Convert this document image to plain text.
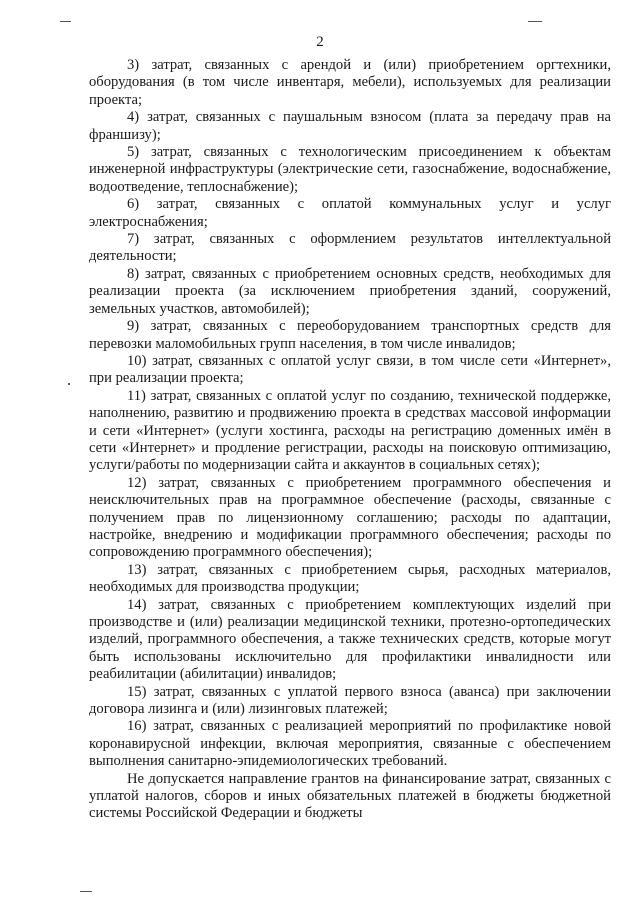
2

3) затрат, связанных с арендой и (или) приобретением оргтехники, оборудования (в том числе инвентаря, мебели), используемых для реализации проекта;

4) затрат, связанных с паушальным взносом (плата за передачу прав на франшизу);

5) затрат, связанных с технологическим присоединением к объектам инженерной инфраструктуры (электрические сети, газоснабжение, водоснабжение, водоотведение, теплоснабжение);

6) затрат, связанных с оплатой коммунальных услуг и услуг электроснабжения;

7) затрат, связанных с оформлением результатов интеллектуальной деятельности;

8) затрат, связанных с приобретением основных средств, необходимых для реализации проекта (за исключением приобретения зданий, сооружений, земельных участков, автомобилей);

9) затрат, связанных с переоборудованием транспортных средств для перевозки маломобильных групп населения, в том числе инвалидов;

10) затрат, связанных с оплатой услуг связи, в том числе сети «Интернет», при реализации проекта;

11) затрат, связанных с оплатой услуг по созданию, технической поддержке, наполнению, развитию и продвижению проекта в средствах массовой информации и сети «Интернет» (услуги хостинга, расходы на регистрацию доменных имён в сети «Интернет» и продление регистрации, расходы на поисковую оптимизацию, услуги/работы по модернизации сайта и аккаунтов в социальных сетях);

12) затрат, связанных с приобретением программного обеспечения и неисключительных прав на программное обеспечение (расходы, связанные с получением прав по лицензионному соглашению; расходы по адаптации, настройке, внедрению и модификации программного обеспечения; расходы по сопровождению программного обеспечения);

13) затрат, связанных с приобретением сырья, расходных материалов, необходимых для производства продукции;

14) затрат, связанных с приобретением комплектующих изделий при производстве и (или) реализации медицинской техники, протезно-ортопедических изделий, программного обеспечения, а также технических средств, которые могут быть использованы исключительно для профилактики инвалидности или реабилитации (абилитации) инвалидов;

15) затрат, связанных с уплатой первого взноса (аванса) при заключении договора лизинга и (или) лизинговых платежей;

16) затрат, связанных с реализацией мероприятий по профилактике новой коронавирусной инфекции, включая мероприятия, связанные с обеспечением выполнения санитарно-эпидемиологических требований.

Не допускается направление грантов на финансирование затрат, связанных с уплатой налогов, сборов и иных обязательных платежей в бюджеты бюджетной системы Российской Федерации и бюджеты
